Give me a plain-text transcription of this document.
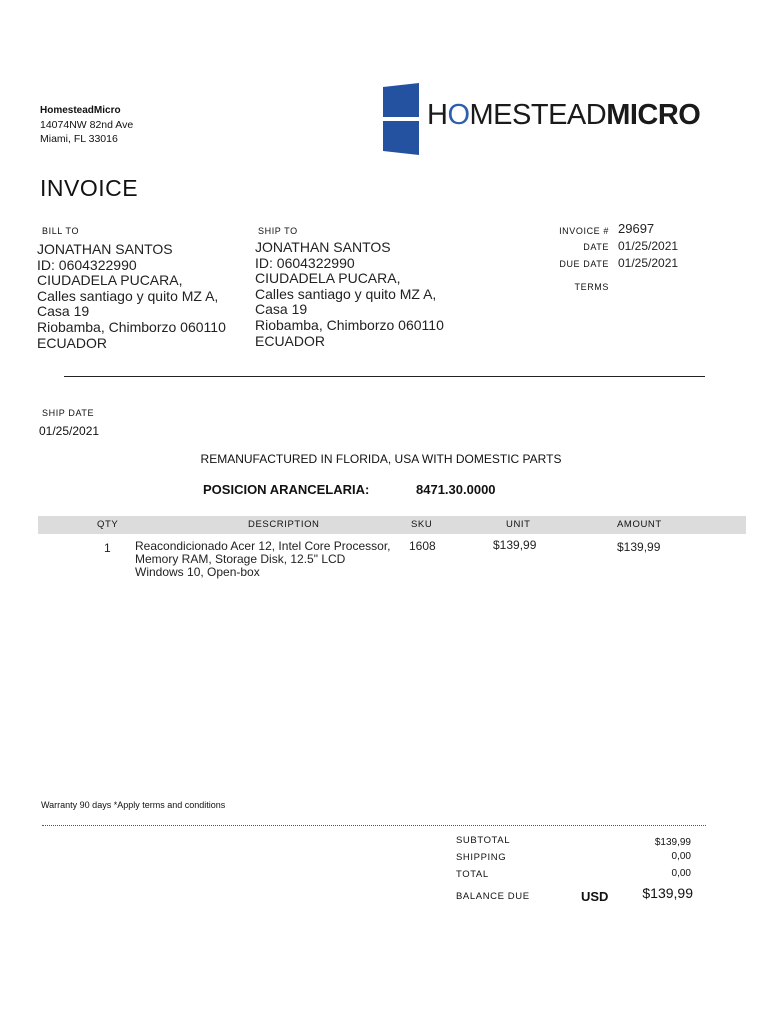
HomesteadMicro
14074NW 82nd Ave
Miami, FL 33016
HOMESTEADMICRO
INVOICE
BILL TO
JONATHAN SANTOS
ID: 0604322990
CIUDADELA PUCARA,
Calles santiago y quito MZ A,
Casa 19
Riobamba, Chimborzo 060110
ECUADOR
SHIP TO
JONATHAN SANTOS
ID: 0604322990
CIUDADELA PUCARA,
Calles santiago y quito MZ A,
Casa 19
Riobamba, Chimborzo 060110
ECUADOR
INVOICE # 29697
DATE 01/25/2021
DUE DATE 01/25/2021
TERMS
SHIP DATE
01/25/2021
REMANUFACTURED IN FLORIDA, USA WITH DOMESTIC PARTS
POSICION ARANCELARIA:	8471.30.0000
QTY	DESCRIPTION	SKU	UNIT	AMOUNT
1 Reacondicionado Acer 12, Intel Core Processor,
Memory RAM, Storage Disk, 12.5" LCD
Windows 10, Open-box
1608	$139,99	$139,99
Warranty 90 days *Apply terms and conditions
SUBTOTAL	$139,99
SHIPPING	0,00
TOTAL	0,00
BALANCE DUE	USD $139,99
